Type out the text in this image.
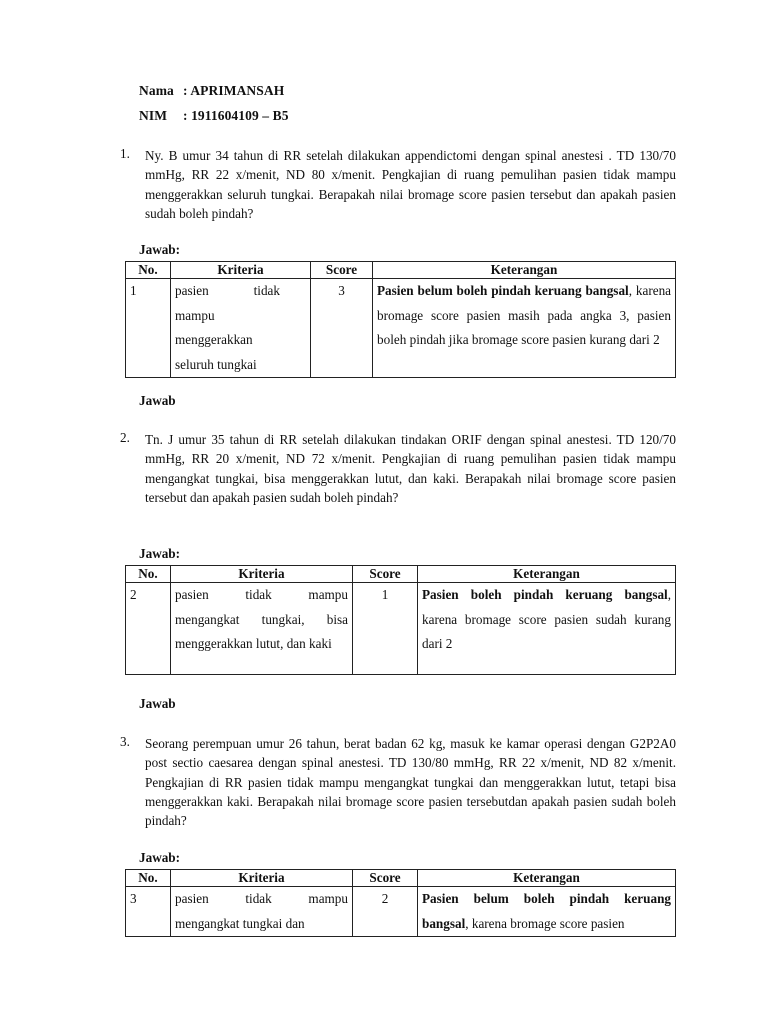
Nama : APRIMANSAH
NIM : 1911604109 – B5
1. Ny. B umur 34 tahun di RR setelah dilakukan appendictomi dengan spinal anestesi . TD 130/70 mmHg, RR 22 x/menit, ND 80 x/menit. Pengkajian di ruang pemulihan pasien tidak mampu menggerakkan seluruh tungkai. Berapakah nilai bromage score pasien tersebut dan apakah pasien sudah boleh pindah?
Jawab:
No.	Kriteria	Score	Keterangan
1	pasien tidak mampu menggerakkan seluruh tungkai	3	Pasien belum boleh pindah keruang bangsal, karena bromage score pasien masih pada angka 3, pasien boleh pindah jika bromage score pasien kurang dari 2
Jawab
2. Tn. J umur 35 tahun di RR setelah dilakukan tindakan ORIF dengan spinal anestesi. TD 120/70 mmHg, RR 20 x/menit, ND 72 x/menit. Pengkajian di ruang pemulihan pasien tidak mampu mengangkat tungkai, bisa menggerakkan lutut, dan kaki. Berapakah nilai bromage score pasien tersebut dan apakah pasien sudah boleh pindah?
Jawab:
No.	Kriteria	Score	Keterangan
2	pasien tidak mampu mengangkat tungkai, bisa menggerakkan lutut, dan kaki	1	Pasien boleh pindah keruang bangsal, karena bromage score pasien sudah kurang dari 2
Jawab
3. Seorang perempuan umur 26 tahun, berat badan 62 kg, masuk ke kamar operasi dengan G2P2A0 post sectio caesarea dengan spinal anestesi. TD 130/80 mmHg, RR 22 x/menit, ND 82 x/menit. Pengkajian di RR pasien tidak mampu mengangkat tungkai dan menggerakkan lutut, tetapi bisa menggerakkan kaki. Berapakah nilai bromage score pasien tersebutdan apakah pasien sudah boleh pindah?
Jawab:
No.	Kriteria	Score	Keterangan
3	pasien tidak mampu mengangkat tungkai dan	2	Pasien belum boleh pindah keruang bangsal, karena bromage score pasien
